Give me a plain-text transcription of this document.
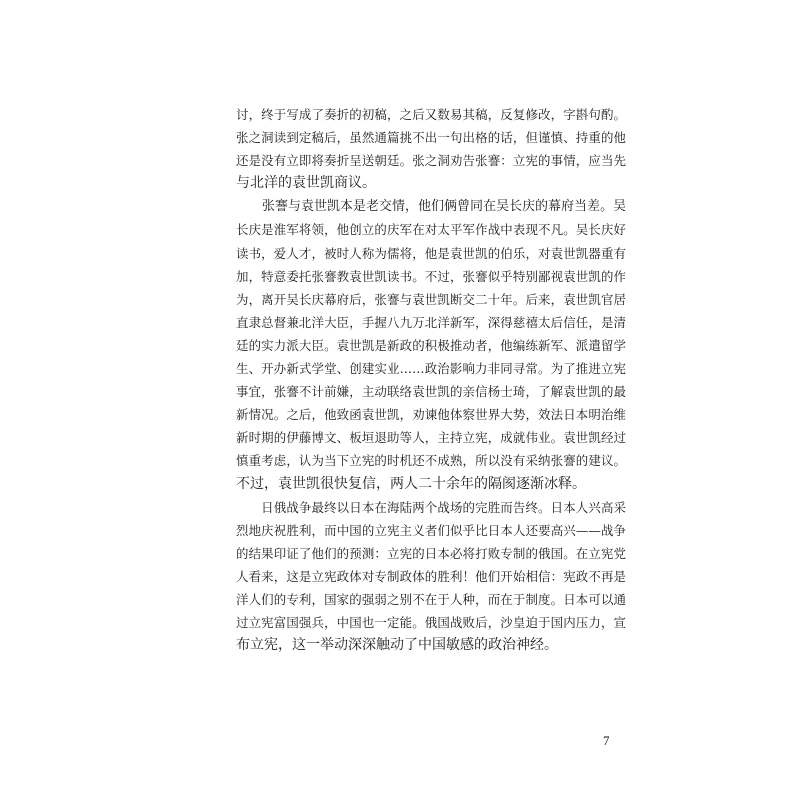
讨，终于写成了奏折的初稿，之后又数易其稿，反复修改，字斟句酌。
张之洞读到定稿后，虽然通篇挑不出一句出格的话，但谨慎、持重的他
还是没有立即将奏折呈送朝廷。张之洞劝告张謇：立宪的事情，应当先
与北洋的袁世凯商议。
　　张謇与袁世凯本是老交情，他们俩曾同在吴长庆的幕府当差。吴
长庆是淮军将领，他创立的庆军在对太平军作战中表现不凡。吴长庆好
读书，爱人才，被时人称为儒将，他是袁世凯的伯乐，对袁世凯器重有
加，特意委托张謇教袁世凯读书。不过，张謇似乎特别鄙视袁世凯的作
为，离开吴长庆幕府后，张謇与袁世凯断交二十年。后来，袁世凯官居
直隶总督兼北洋大臣，手握八九万北洋新军，深得慈禧太后信任，是清
廷的实力派大臣。袁世凯是新政的积极推动者，他编练新军、派遣留学
生、开办新式学堂、创建实业……政治影响力非同寻常。为了推进立宪
事宜，张謇不计前嫌，主动联络袁世凯的亲信杨士琦，了解袁世凯的最
新情况。之后，他致函袁世凯，劝谏他体察世界大势，效法日本明治维
新时期的伊藤博文、板垣退助等人，主持立宪，成就伟业。袁世凯经过
慎重考虑，认为当下立宪的时机还不成熟，所以没有采纳张謇的建议。
不过，袁世凯很快复信，两人二十余年的隔阂逐渐冰释。
　　日俄战争最终以日本在海陆两个战场的完胜而告终。日本人兴高采
烈地庆祝胜利，而中国的立宪主义者们似乎比日本人还要高兴——战争
的结果印证了他们的预测：立宪的日本必将打败专制的俄国。在立宪党
人看来，这是立宪政体对专制政体的胜利！他们开始相信：宪政不再是
洋人们的专利，国家的强弱之别不在于人种，而在于制度。日本可以通
过立宪富国强兵，中国也一定能。俄国战败后，沙皇迫于国内压力，宣
布立宪，这一举动深深触动了中国敏感的政治神经。
7
